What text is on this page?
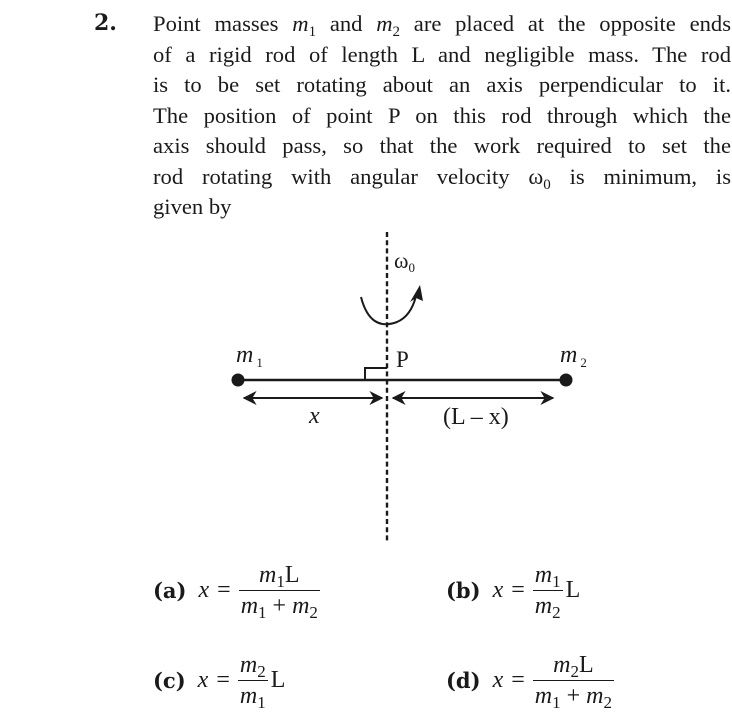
2. Point masses $m_1$ and $m_2$ are placed at the opposite ends
of a rigid rod of length L and negligible mass. The rod
is to be set rotating about an axis perpendicular to it.
The position of point P on this rod through which the
axis should pass, so that the work required to set the
rod rotating with angular velocity $\omega_0$ is minimum, is
given by
ω0
m $_1$	m $_2$
P
x	(L – x)
(a) $x = \frac{m_1L}{m_1 + m_2}$	(b) $x = \frac{m_1}{m_2}$ L
(c) $x = \frac{m_2}{m_1}$ L	(d) $x = \frac{m_2L}{m_1 + m_2}$
